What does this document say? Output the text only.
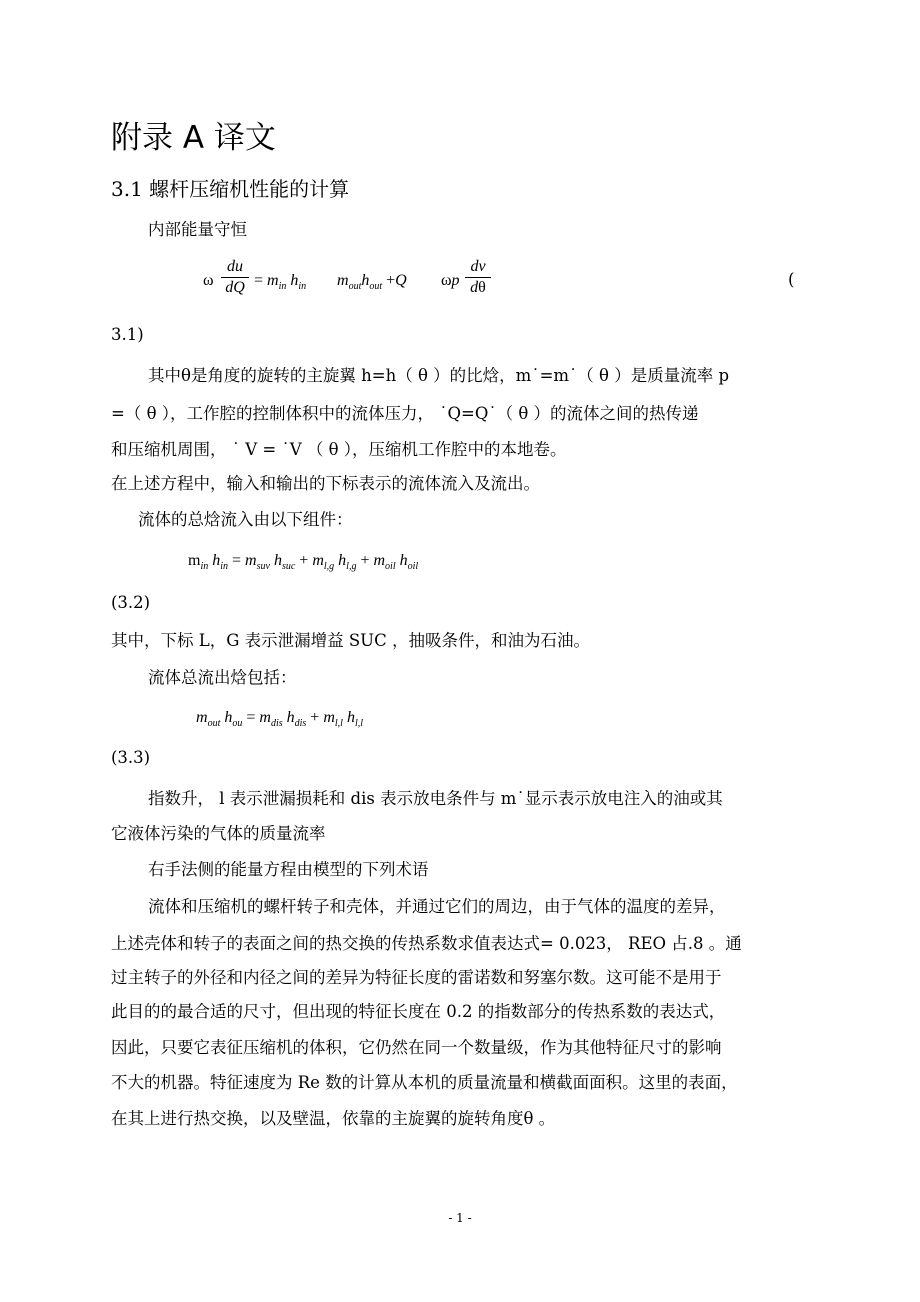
附录 A 译文
3.1 螺杆压缩机性能的计算
内部能量守恒
ω
du
dQ = $m_{in}$ $h_{in}$ $m_{out}h_{out} +Q$ ωp
dv
dθ	(
3.1)
其中θ是角度的旋转的主旋翼 h=h（ θ ）的比焓，m˙=m˙（ θ ）是质量流率 p
=（ θ ），工作腔的控制体积中的流体压力， ˙Q=Q˙（ θ ）的流体之间的热传递
和压缩机周围， ˙ V = ˙V （ θ ），压缩机工作腔中的本地卷。
在上述方程中，输入和输出的下标表示的流体流入及流出。
流体的总焓流入由以下组件：
$m_{in}$ $h_{in} = m_{suv}$ $h_{suc} + m_{l,g}$ $h_{l,g} + m_{oil}$ $h_{oil}$
(3.2)
其中，下标 L，G 表示泄漏增益 SUC ，抽吸条件，和油为石油。
流体总流出焓包括：
$m_{out}$ $h_{ou} = m_{dis}$ $h_{dis} + m_{l,l}$ $h_{l,l}$
(3.3)
指数升， l 表示泄漏损耗和 dis 表示放电条件与 m˙显示表示放电注入的油或其
它液体污染的气体的质量流率
右手法侧的能量方程由模型的下列术语
流体和压缩机的螺杆转子和壳体，并通过它们的周边，由于气体的温度的差异，
上述壳体和转子的表面之间的热交换的传热系数求值表达式= 0.023， REO 占.8 。通
过主转子的外径和内径之间的差异为特征长度的雷诺数和努塞尔数。这可能不是用于
此目的的最合适的尺寸，但出现的特征长度在 0.2 的指数部分的传热系数的表达式，
因此，只要它表征压缩机的体积，它仍然在同一个数量级，作为其他特征尺寸的影响
不大的机器。特征速度为 Re 数的计算从本机的质量流量和横截面面积。这里的表面，
在其上进行热交换，以及壁温，依靠的主旋翼的旋转角度θ 。
- 1 -
